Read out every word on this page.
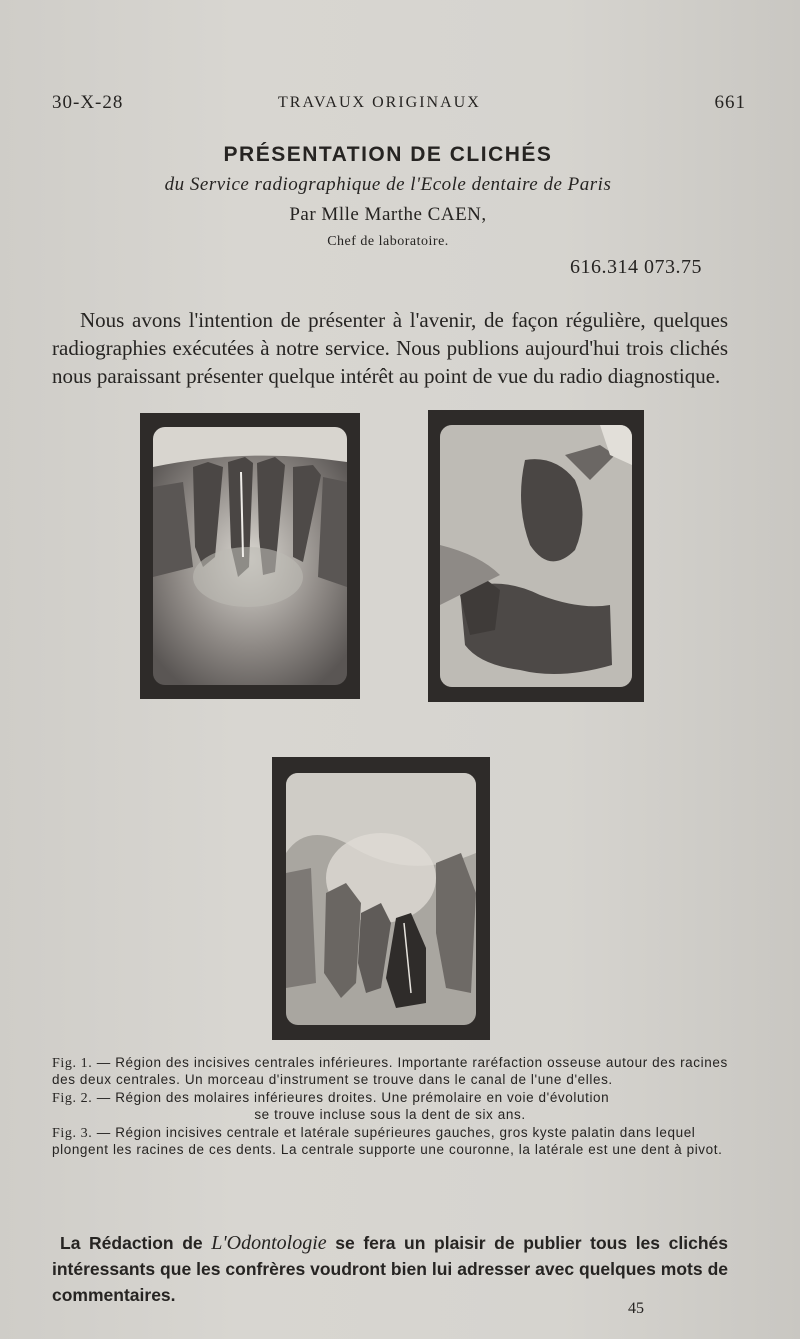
30-X-28	TRAVAUX ORIGINAUX	661
PRÉSENTATION DE CLICHÉS
du Service radiographique de l'Ecole dentaire de Paris
Par Mlle Marthe CAEN,
Chef de laboratoire.
616.314 073.75

Nous avons l'intention de présenter à l'avenir, de façon régulière, quelques radiographies exécutées à notre service. Nous publions aujourd'hui trois clichés nous paraissant présenter quelque intérêt au point de vue du radio diagnostique.

Fig. 1. — Région des incisives centrales inférieures. Importante raréfaction osseuse autour des racines des deux centrales. Un morceau d'instrument se trouve dans le canal de l'une d'elles.
Fig. 2. — Région des molaires inférieures droites. Une prémolaire en voie d'évolution
se trouve incluse sous la dent de six ans.
Fig. 3. — Région incisives centrale et latérale supérieures gauches, gros kyste palatin dans lequel plongent les racines de ces dents. La centrale supporte une couronne, la latérale est une dent à pivot.

La Rédaction de L'Odontologie se fera un plaisir de publier tous les clichés intéressants que les confrères voudront bien lui adresser avec quelques mots de commentaires.

45
